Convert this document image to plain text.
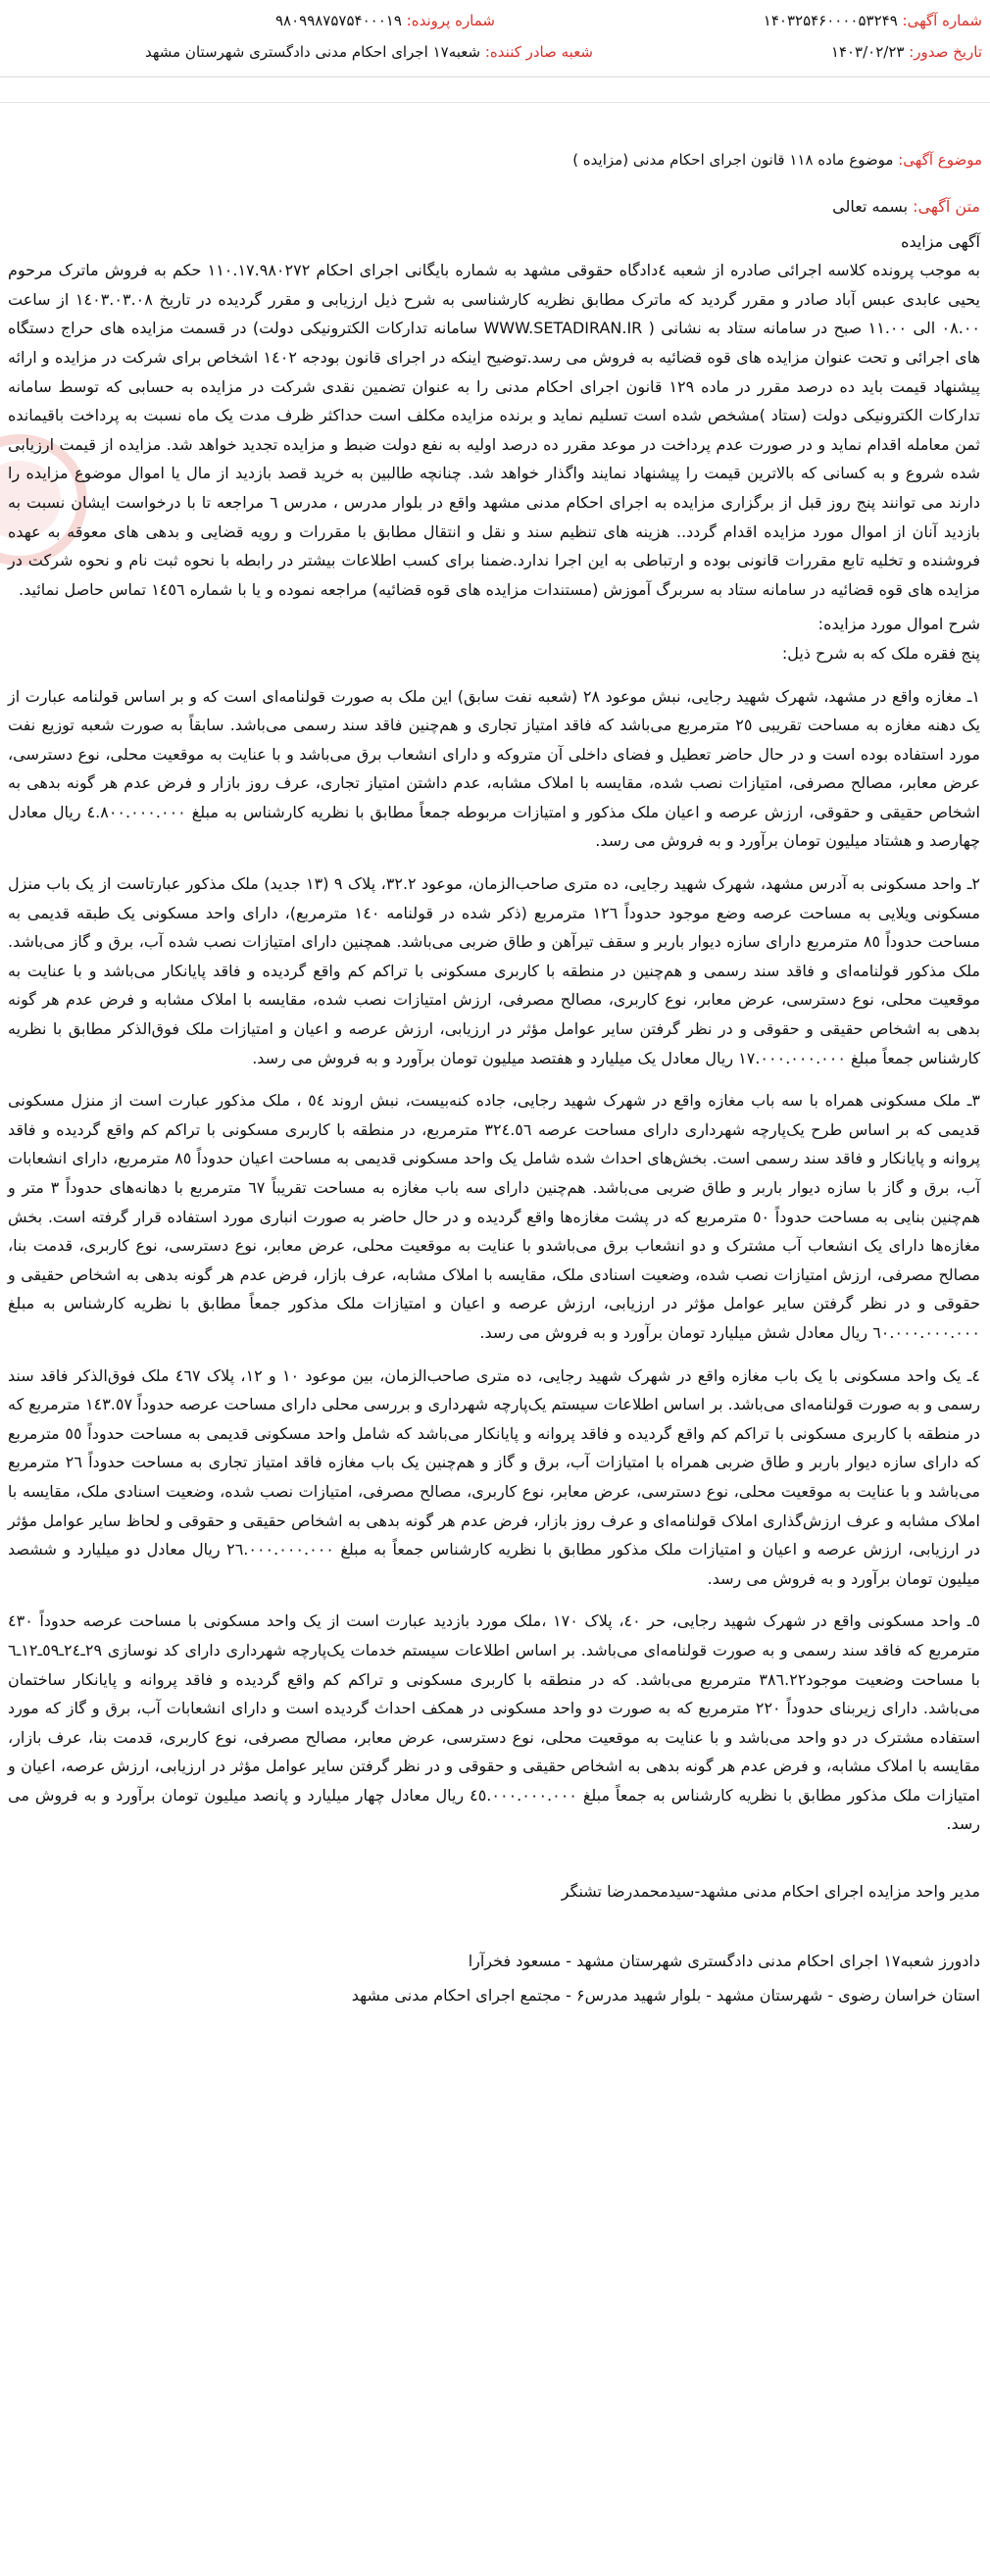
شماره آگهی: ۱۴۰۳۲۵۴۶۰۰۰۰۵۳۲۴۹
شماره پرونده: ۹۸۰۹۹۸۷۵۷۵۴۰۰۰۱۹
تاریخ صدور: ۱۴۰۳/۰۲/۲۳
شعبه صادر کننده: شعبه۱۷ اجرای احکام مدنی دادگستری شهرستان مشهد
موضوع آگهی: موضوع ماده ۱۱۸ قانون اجرای احکام مدنی (مزایده )
متن آگهی: بسمه تعالی
آگهی مزایده
به موجب پرونده کلاسه اجرائی صادره از شعبه ٤دادگاه حقوقی مشهد به شماره بایگانی اجرای احکام ١١٠.١٧.٩٨٠٢٧٢ حکم به فروش ماترک مرحوم یحیی عابدی عبس آباد صادر و مقرر گردید که ماترک مطابق نظریه کارشناسی به شرح ذیل ارزیابی و مقرر گردیده در تاریخ ١٤٠٣.٠٣.٠٨ از ساعت ٠٨.٠٠ الی ١١.٠٠ صبح در سامانه ستاد به نشانی ( WWW.SETADIRAN.IR سامانه تدارکات الکترونیکی دولت) در قسمت مزایده های حراج دستگاه های اجرائی و تحت عنوان مزایده های قوه قضائیه به فروش می رسد.توضیح اینکه در اجرای قانون بودجه ١٤٠٢ اشخاص برای شرکت در مزایده و ارائه پیشنهاد قیمت باید ده درصد مقرر در ماده ١٢٩ قانون اجرای احکام مدنی را به عنوان تضمین نقدی شرکت در مزایده به حسابی که توسط سامانه تدارکات الکترونیکی دولت (ستاد )مشخص شده است تسلیم نماید و برنده مزایده مکلف است حداکثر ظرف مدت یک ماه نسبت به پرداخت باقیمانده ثمن معامله اقدام نماید و در صورت عدم پرداخت در موعد مقرر ده درصد اولیه به نفع دولت ضبط و مزایده تجدید خواهد شد. مزایده از قیمت ارزیابی شده شروع و به کسانی که بالاترین قیمت را پیشنهاد نمایند واگذار خواهد شد. چنانچه طالبین به خرید قصد بازدید از مال یا اموال موضوع مزایده را دارند می توانند پنج روز قبل از برگزاری مزایده به اجرای احکام مدنی مشهد واقع در بلوار مدرس ، مدرس ٦ مراجعه تا با درخواست ایشان نسبت به بازدید آنان از اموال مورد مزایده اقدام گردد.. هزینه های تنظیم سند و نقل و انتقال مطابق با مقررات و رویه قضایی و بدهی های معوقه به عهده فروشنده و تخلیه تابع مقررات قانونی بوده و ارتباطی به این اجرا ندارد.ضمنا برای کسب اطلاعات بیشتر در رابطه با نحوه ثبت نام و نحوه شرکت در مزایده های قوه قضائیه در سامانه ستاد به سربرگ آموزش (مستندات مزایده های قوه قضائیه) مراجعه نموده و یا با شماره ١٤٥٦ تماس حاصل نمائید.
شرح اموال مورد مزایده:
پنج فقره ملک که به شرح ذیل:
١ـ مغازه واقع در مشهد، شهرک شهید رجایی، نبش موعود ٢٨ (شعبه نفت سابق) این ملک به صورت قولنامه‌ای است که و بر اساس قولنامه عبارت از یک دهنه مغازه به مساحت تقریبی ٢٥ مترمربع می‌باشد که فاقد امتیاز تجاری و هم‌چنین فاقد سند رسمی می‌باشد. سابقاً به صورت شعبه توزیع نفت مورد استفاده بوده است و در حال حاضر تعطیل و فضای داخلی آن متروکه و دارای انشعاب برق می‌باشد و با عنایت به موقعیت محلی، نوع دسترسی، عرض معابر، مصالح مصرفی، امتیازات نصب شده، مقایسه با املاک مشابه، عدم داشتن امتیاز تجاری، عرف روز بازار و فرض عدم هر گونه بدهی به اشخاص حقیقی و حقوقی، ارزش عرصه و اعیان ملک مذکور و امتیازات مربوطه جمعاً مطابق با نظریه کارشناس به مبلغ ٤.٨٠٠.٠٠٠.٠٠٠ ریال معادل چهارصد و هشتاد میلیون تومان برآورد و به فروش می رسد.
٢ـ واحد مسکونی به آدرس مشهد، شهرک شهید رجایی، ده متری صاحب‌الزمان، موعود ٣٢.٢، پلاک ٩ (١٣ جدید) ملک مذکور عبارتاست از یک باب منزل مسکونی ویلایی به مساحت عرصه وضع موجود حدوداً ١٢٦ مترمربع (ذکر شده در قولنامه ١٤٠ مترمربع)، دارای واحد مسکونی یک طبقه قدیمی به مساحت حدوداً ٨٥ مترمربع دارای سازه دیوار باربر و سقف تیرآهن و طاق ضربی می‌باشد. همچنین دارای امتیازات نصب شده آب، برق و گاز می‌باشد. ملک مذکور قولنامه‌ای و فاقد سند رسمی و هم‌چنین در منطقه با کاربری مسکونی با تراکم کم واقع گردیده و فاقد پایانکار می‌باشد و با عنایت به موقعیت محلی، نوع دسترسی، عرض معابر، نوع کاربری، مصالح مصرفی، ارزش امتیازات نصب شده، مقایسه با املاک مشابه و فرض عدم هر گونه بدهی به اشخاص حقیقی و حقوقی و در نظر گرفتن سایر عوامل مؤثر در ارزیابی، ارزش عرصه و اعیان و امتیازات ملک فوق‌الذکر مطابق با نظریه کارشناس جمعاً مبلغ ١٧.٠٠٠.٠٠٠.٠٠٠ ریال معادل یک میلیارد و هفتصد میلیون تومان برآورد و به فروش می رسد.
٣ـ ملک مسکونی همراه با سه باب مغازه واقع در شهرک شهید رجایی، جاده کنه‌بیست، نبش اروند ٥٤ ، ملک مذکور عبارت است از منزل مسکونی قدیمی که بر اساس طرح یک‌پارچه شهرداری دارای مساحت عرصه ٣٢٤.٥٦ مترمربع، در منطقه با کاربری مسکونی با تراکم کم واقع گردیده و فاقد پروانه و پایانکار و فاقد سند رسمی است. بخش‌های احداث شده شامل یک واحد مسکونی قدیمی به مساحت اعیان حدوداً ٨٥ مترمربع، دارای انشعابات آب، برق و گاز با سازه دیوار باربر و طاق ضربی می‌باشد. هم‌چنین دارای سه باب مغازه به مساحت تقریباً ٦٧ مترمربع با دهانه‌های حدوداً ٣ متر و هم‌چنین بنایی به مساحت حدوداً ٥٠ مترمربع که در پشت مغازه‌ها واقع گردیده و در حال حاضر به صورت انباری مورد استفاده قرار گرفته است. بخش مغازه‌ها دارای یک انشعاب آب مشترک و دو انشعاب برق می‌باشدو با عنایت به موقعیت محلی، عرض معابر، نوع دسترسی، نوع کاربری، قدمت بنا، مصالح مصرفی، ارزش امتیازات نصب شده، وضعیت اسنادی ملک، مقایسه با املاک مشابه، عرف بازار، فرض عدم هر گونه بدهی به اشخاص حقیقی و حقوقی و در نظر گرفتن سایر عوامل مؤثر در ارزیابی، ارزش عرصه و اعیان و امتیازات ملک مذکور جمعاً مطابق با نظریه کارشناس به مبلغ ٦٠.٠٠٠.٠٠٠.٠٠٠ ریال معادل شش میلیارد تومان برآورد و به فروش می رسد.
٤ـ یک واحد مسکونی با یک باب مغازه واقع در شهرک شهید رجایی، ده متری صاحب‌الزمان، بین موعود ١٠ و ١٢، پلاک ٤٦٧ ملک فوق‌الذکر فاقد سند رسمی و به صورت قولنامه‌ای می‌باشد. بر اساس اطلاعات سیستم یک‌پارچه شهرداری و بررسی محلی دارای مساحت عرصه حدوداً ١٤٣.٥٧ مترمربع که در منطقه با کاربری مسکونی با تراکم کم واقع گردیده و فاقد پروانه و پایانکار می‌باشد که شامل واحد مسکونی قدیمی به مساحت حدوداً ٥٥ مترمربع که دارای سازه دیوار باربر و طاق ضربی همراه با امتیازات آب، برق و گاز و هم‌چنین یک باب مغازه فاقد امتیاز تجاری به مساحت حدوداً ٢٦ مترمربع می‌باشد و با عنایت به موقعیت محلی، نوع دسترسی، عرض معابر، نوع کاربری، مصالح مصرفی، امتیازات نصب شده، وضعیت اسنادی ملک، مقایسه با املاک مشابه و عرف ارزش‌گذاری املاک قولنامه‌ای و عرف روز بازار، فرض عدم هر گونه بدهی به اشخاص حقیقی و حقوقی و لحاظ سایر عوامل مؤثر در ارزیابی، ارزش عرصه و اعیان و امتیازات ملک مذکور مطابق با نظریه کارشناس جمعاً به مبلغ ٢٦.٠٠٠.٠٠٠.٠٠٠ ریال معادل دو میلیارد و ششصد میلیون تومان برآورد و به فروش می رسد.
٥ـ واحد مسکونی واقع در شهرک شهید رجایی، حر ٤٠، پلاک ١٧٠ ،ملک مورد بازدید عبارت است از یک واحد مسکونی با مساحت عرصه حدوداً ٤٣٠ مترمربع که فاقد سند رسمی و به صورت قولنامه‌ای می‌باشد. بر اساس اطلاعات سیستم خدمات یک‌پارچه شهرداری دارای کد نوسازی ٢٩ـ٢٤ـ٥٩ـ١٢ـ٦ با مساحت وضعیت موجود٣٨٦.٢٢ مترمربع می‌باشد. که در منطقه با کاربری مسکونی و تراکم کم واقع گردیده و فاقد پروانه و پایانکار ساختمان می‌باشد. دارای زیربنای حدوداً ٢٢٠ مترمربع که به صورت دو واحد مسکونی در همکف احداث گردیده است و دارای انشعابات آب، برق و گاز که مورد استفاده مشترک در دو واحد می‌باشد و با عنایت به موقعیت محلی، نوع دسترسی، عرض معابر، مصالح مصرفی، نوع کاربری، قدمت بنا، عرف بازار، مقایسه با املاک مشابه، و فرض عدم هر گونه بدهی به اشخاص حقیقی و حقوقی و در نظر گرفتن سایر عوامل مؤثر در ارزیابی، ارزش عرصه، اعیان و امتیازات ملک مذکور مطابق با نظریه کارشناس به جمعاً مبلغ ٤٥.٠٠٠.٠٠٠.٠٠٠ ریال معادل چهار میلیارد و پانصد میلیون تومان برآورد و به فروش می رسد.
مدیر واحد مزایده اجرای احکام مدنی مشهد-سیدمحمدرضا تشنگر
دادورز شعبه۱۷ اجرای احکام مدنی دادگستری شهرستان مشهد - مسعود فخرآرا
استان خراسان رضوی - شهرستان مشهد - بلوار شهید مدرس۶ - مجتمع اجرای احکام مدنی مشهد
